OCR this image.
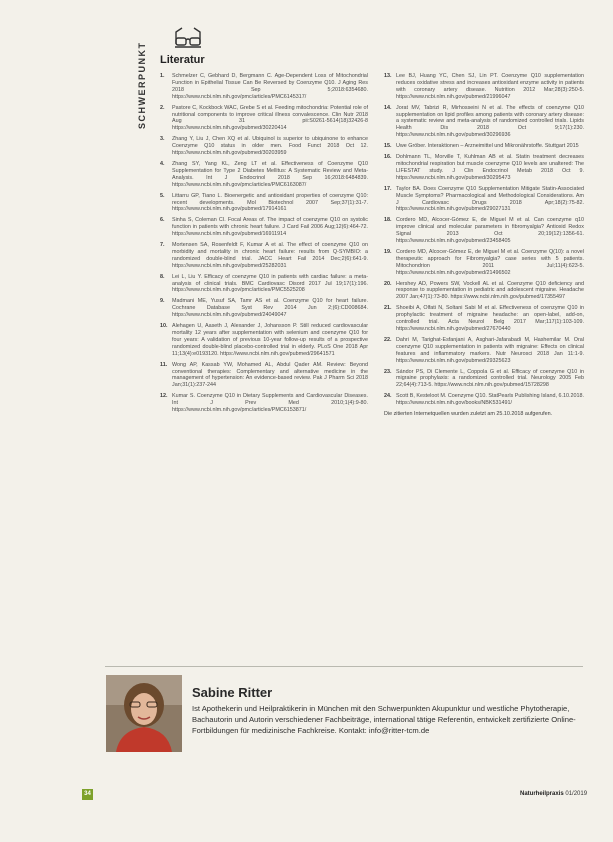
SCHWERPUNKT	Literatur
1.	Schmelzer C, Gebhard D, Bergmann C. Age-Dependent Loss of Mitochondrial Function in Epithelial Tissue Can Be Reversed by Coenzyme Q10. J Aging Res 2018 Sep 5;2018:6354680. https://www.ncbi.nlm.nih.gov/pmc/articles/PMC6145317/
2.	Pastore C, Kockbock WAC, Grebe S et al. Feeding mitochondria: Potential role of nutritional components to improve critical illness convalescence. Clin Nutr 2018 Aug 31 pii:S0261-5614(18)32426-8 https://www.ncbi.nlm.nih.gov/pubmed/30220414
3.	Zhang Y, Liu J, Chen XQ et al. Ubiquinol is superior to ubiquinone to enhance Coenzyme Q10 status in older men. Food Funct 2018 Oct 12. https://www.ncbi.nlm.nih.gov/pubmed/30203959
4.	Zhang SY, Yang KL, Zeng LT et al. Effectiveness of Coenzyme Q10 Supplementation for Type 2 Diabetes Mellitus: A Systematic Review and Meta-Analysis. Int J Endocrinol 2018 Sep 16;2018:6484839. https://www.ncbi.nlm.nih.gov/pmc/articles/PMC6163087/
5.	Littarru GP, Tiano L. Bioenergetic and antioxidant properties of coenzyme Q10: recent developments. Mol Biotechnol 2007 Sep;37(1):31-7. https://www.ncbi.nlm.nih.gov/pubmed/17914161
6.	Sinha S, Coleman CI. Focal Areas of. The impact of coenzyme Q10 on systolic function in patients with chronic heart failure. J Card Fail 2006 Aug;12(6):464-72. https://www.ncbi.nlm.nih.gov/pubmed/16911914
7.	Mortensen SA, Rosenfeldt F, Kumar A et al. The effect of coenzyme Q10 on morbidity and mortality in chronic heart failure: results from Q-SYMBIO: a randomized double-blind trial. JACC Heart Fail 2014 Dec;2(6):641-9. https://www.ncbi.nlm.nih.gov/pubmed/25282031
8.	Lei L, Liu Y. Efficacy of coenzyme Q10 in patients with cardiac failure: a meta-analysis of clinical trials. BMC Cardiovasc Disord 2017 Jul 19;17(1):196. https://www.ncbi.nlm.nih.gov/pmc/articles/PMC5525208
9.	Madmani ME, Yusuf SA, Tamr AS et al. Coenzyme Q10 for heart failure. Cochrane Database Syst Rev 2014 Jun 2;(6):CD008684. https://www.ncbi.nlm.nih.gov/pubmed/24049047
10. Alehagen U, Aaseth J, Alexander J, Johansson P. Still reduced cardiovascular mortality 12 years after supplementation with selenium and coenzyme Q10 for four years: A validation of previous 10-year follow-up results of a prospective randomized double-blind placebo-controlled trial in elderly. PLoS One 2018 Apr 11;13(4):e0193120. https://www.ncbi.nlm.nih.gov/pubmed/29641571
11. Wong AP, Kassab YW, Mohamed AL, Abdul Qader AM. Review: Beyond conventional therapies: Complementary and alternative medicine in the management of hypertension: An evidence-based review. Pak J Pharm Sci 2018 Jan;31(1):237-244
12. Kumar S. Coenzyme Q10 in Dietary Supplements and Cardiovascular Diseases. Int J Prev Med 2010;1(4):9-80. https://www.ncbi.nlm.nih.gov/pmc/articles/PMC6153871/
13. Lee BJ, Huang YC, Chen SJ, Lin PT. Coenzyme Q10 supplementation reduces oxidative stress and increases antioxidant enzyme activity in patients with coronary artery disease. Nutrition 2012 Mar;28(3):250-5. https://www.ncbi.nlm.nih.gov/pubmed/21996047
14. Jorat MV, Tabrizi R, Mirhosseini N et al. The effects of coenzyme Q10 supplementation on lipid profiles among patients with coronary artery disease: a systematic review and meta-analysis of randomized controlled trials. Lipids Health Dis 2018 Oct 9;17(1):230. https://www.ncbi.nlm.nih.gov/pubmed/30296936
15. Uwe Gröber. Interaktionen – Arzneimittel und Mikronährstoffe. Stuttgart 2015
16. Dohlmann TL, Morville T, Kuhlman AB et al. Statin treatment decreases mitochondrial respiration but muscle coenzyme Q10 levels are unaltered: The LIFESTAT study. J Clin Endocrinol Metab 2018 Oct 9. https://www.ncbi.nlm.nih.gov/pubmed/30295473
17. Taylor BA. Does Coenzyme Q10 Supplementation Mitigate Statin-Associated Muscle Symptoms? Pharmacological and Methodological Considerations. Am J Cardiovasc Drugs 2018 Apr;18(2):75-82. https://www.ncbi.nlm.nih.gov/pubmed/29027131
18. Cordero MD, Alcocer-Gómez E, de Miguel M et al. Can coenzyme q10 improve clinical and molecular parameters in fibromyalgia? Antioxid Redox Signal 2013 Oct 20;19(12):1356-61. https://www.ncbi.nlm.nih.gov/pubmed/23458405
19. Cordero MD, Alcocer-Gómez E, de Miguel M et al. Coenzyme Q(10): a novel therapeutic approach for Fibromyalgia? case series with 5 patients. Mitochondrion 2011 Jul;11(4):623-5. https://www.ncbi.nlm.nih.gov/pubmed/21496502
20. Hershey AD, Powers SW, Vockell AL et al. Coenzyme Q10 deficiency and response to supplementation in pediatric and adolescent migraine. Headache 2007 Jan;47(1):73-80. https://www.ncbi.nlm.nih.gov/pubmed/17355497
21. Shoeibi A, Olfati N, Soltani Sabi M et al. Effectiveness of coenzyme Q10 in prophylactic treatment of migraine headache: an open-label, add-on, controlled trial. Acta Neurol Belg 2017 Mar;117(1):103-109. https://www.ncbi.nlm.nih.gov/pubmed/27670440
22. Dahri M, Tarighat-Esfanjani A, Asghari-Jafarabadi M, Hashemilar M. Oral coenzyme Q10 supplementation in patients with migraine: Effects on clinical features and inflammatory markers. Nutr Neurosci 2018 Jan 11:1-9. https://www.ncbi.nlm.nih.gov/pubmed/29325623
23. Sándor PS, Di Clemente L, Coppola G et al. Efficacy of coenzyme Q10 in migraine prophylaxis: a randomized controlled trial. Neurology 2005 Feb 22;64(4):713-5. https://www.ncbi.nlm.nih.gov/pubmed/15728298
24. Scott B, Kesteloot M. Coenzyme Q10. StatPearls Publishing Island, 6.10.2018. https://www.ncbi.nlm.nih.gov/books/NBK531491/
Die zitierten Internetquellen wurden zuletzt am 25.10.2018 aufgerufen.
Sabine Ritter
Ist Apothekerin und Heilpraktikerin in München mit den Schwerpunkten Akupunktur und westliche Phytotherapie, Bachautorin und Autorin verschiedener Fachbeiträge, international tätige Referentin, entwickelt zertifizierte Online-Fortbildungen für medizinische Fachkreise. Kontakt: info@ritter-tcm.de
34	Naturheilpraxis 01/2019
